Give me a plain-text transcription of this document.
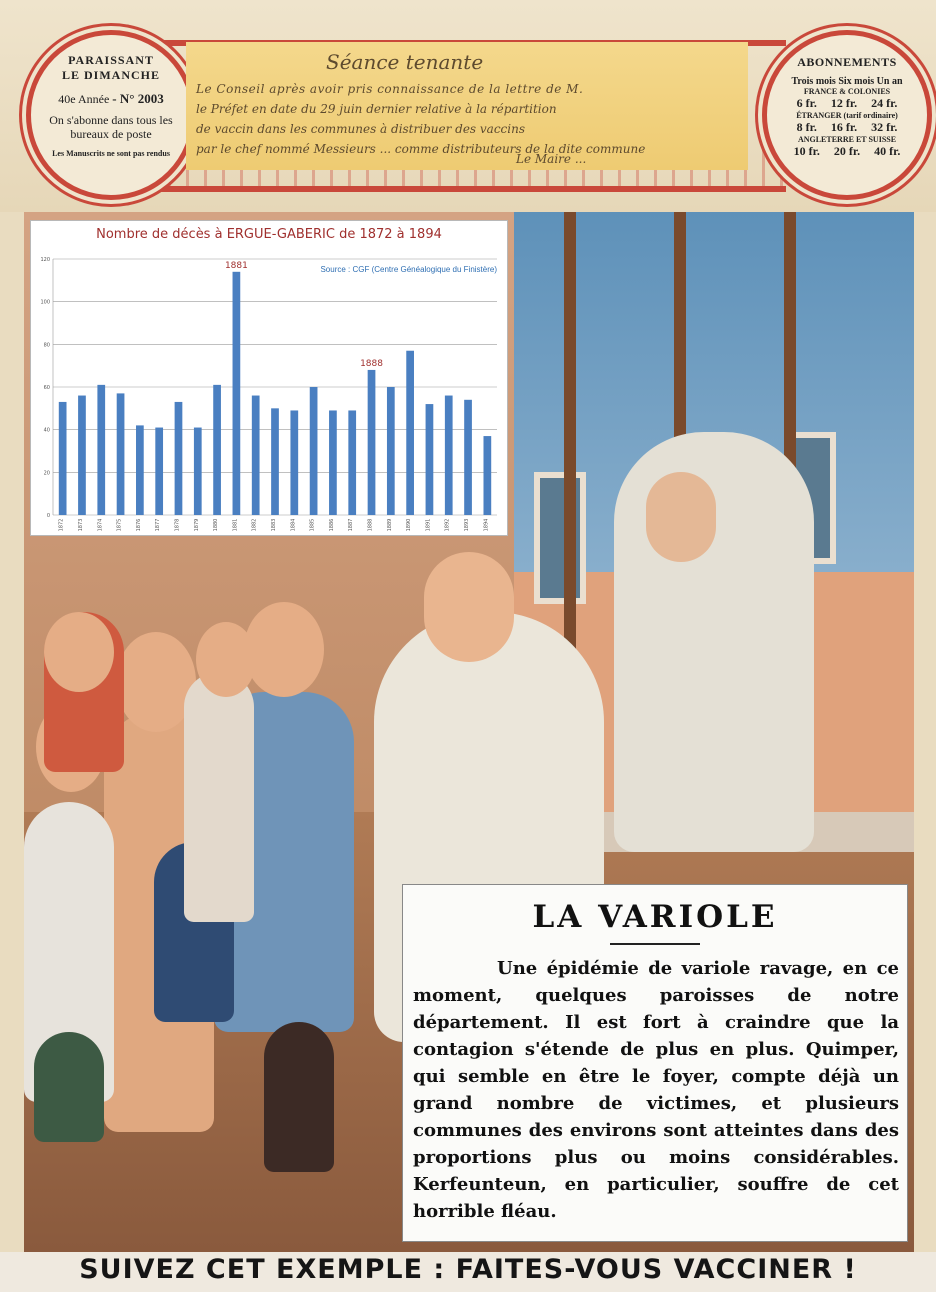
PARAISSANT
LE DIMANCHE
40e Année - N° 2003
On s'abonne dans tous les bureaux de poste
Les Manuscrits ne sont pas rendus
Séance tenante
Le Conseil après avoir pris connaissance de la lettre de M.
le Préfet en date du 29 juin dernier relative à la répartition
de vaccin dans les communes à distribuer des vaccins
par le chef nommé Messieurs ... comme distributeurs de la dite commune
Le Maire ...
ABONNEMENTS
Trois mois Six mois Un an
FRANCE & COLONIES
6 fr. 12 fr. 24 fr.
ÉTRANGER (tarif ordinaire)
8 fr. 16 fr. 32 fr.
ANGLETERRE ET SUISSE
10 fr. 20 fr. 40 fr.
Nombre de décès à ERGUE-GABERIC de 1872 à 1894
Source : CGF (Centre Généalogique du Finistère)
0
20
40
60
80
100
120
1872	1873	1874	1875	1876	1877	1878	1879	1880	1881
1881
1882	1883	1884	1885	1886	1887	1888
1888
1889	1890	1891	1892	1893	1894
LA VARIOLE
Une épidémie de variole ravage, en ce moment, quelques paroisses de notre département. Il est fort à craindre que la contagion s'étende de plus en plus. Quimper, qui semble en être le foyer, compte déjà un grand nombre de victimes, et plusieurs communes des environs sont atteintes dans des proportions plus ou moins considérables. Kerfeunteun, en particulier, souffre de cet horrible fléau.
SUIVEZ CET EXEMPLE : FAITES-VOUS VACCINER !
